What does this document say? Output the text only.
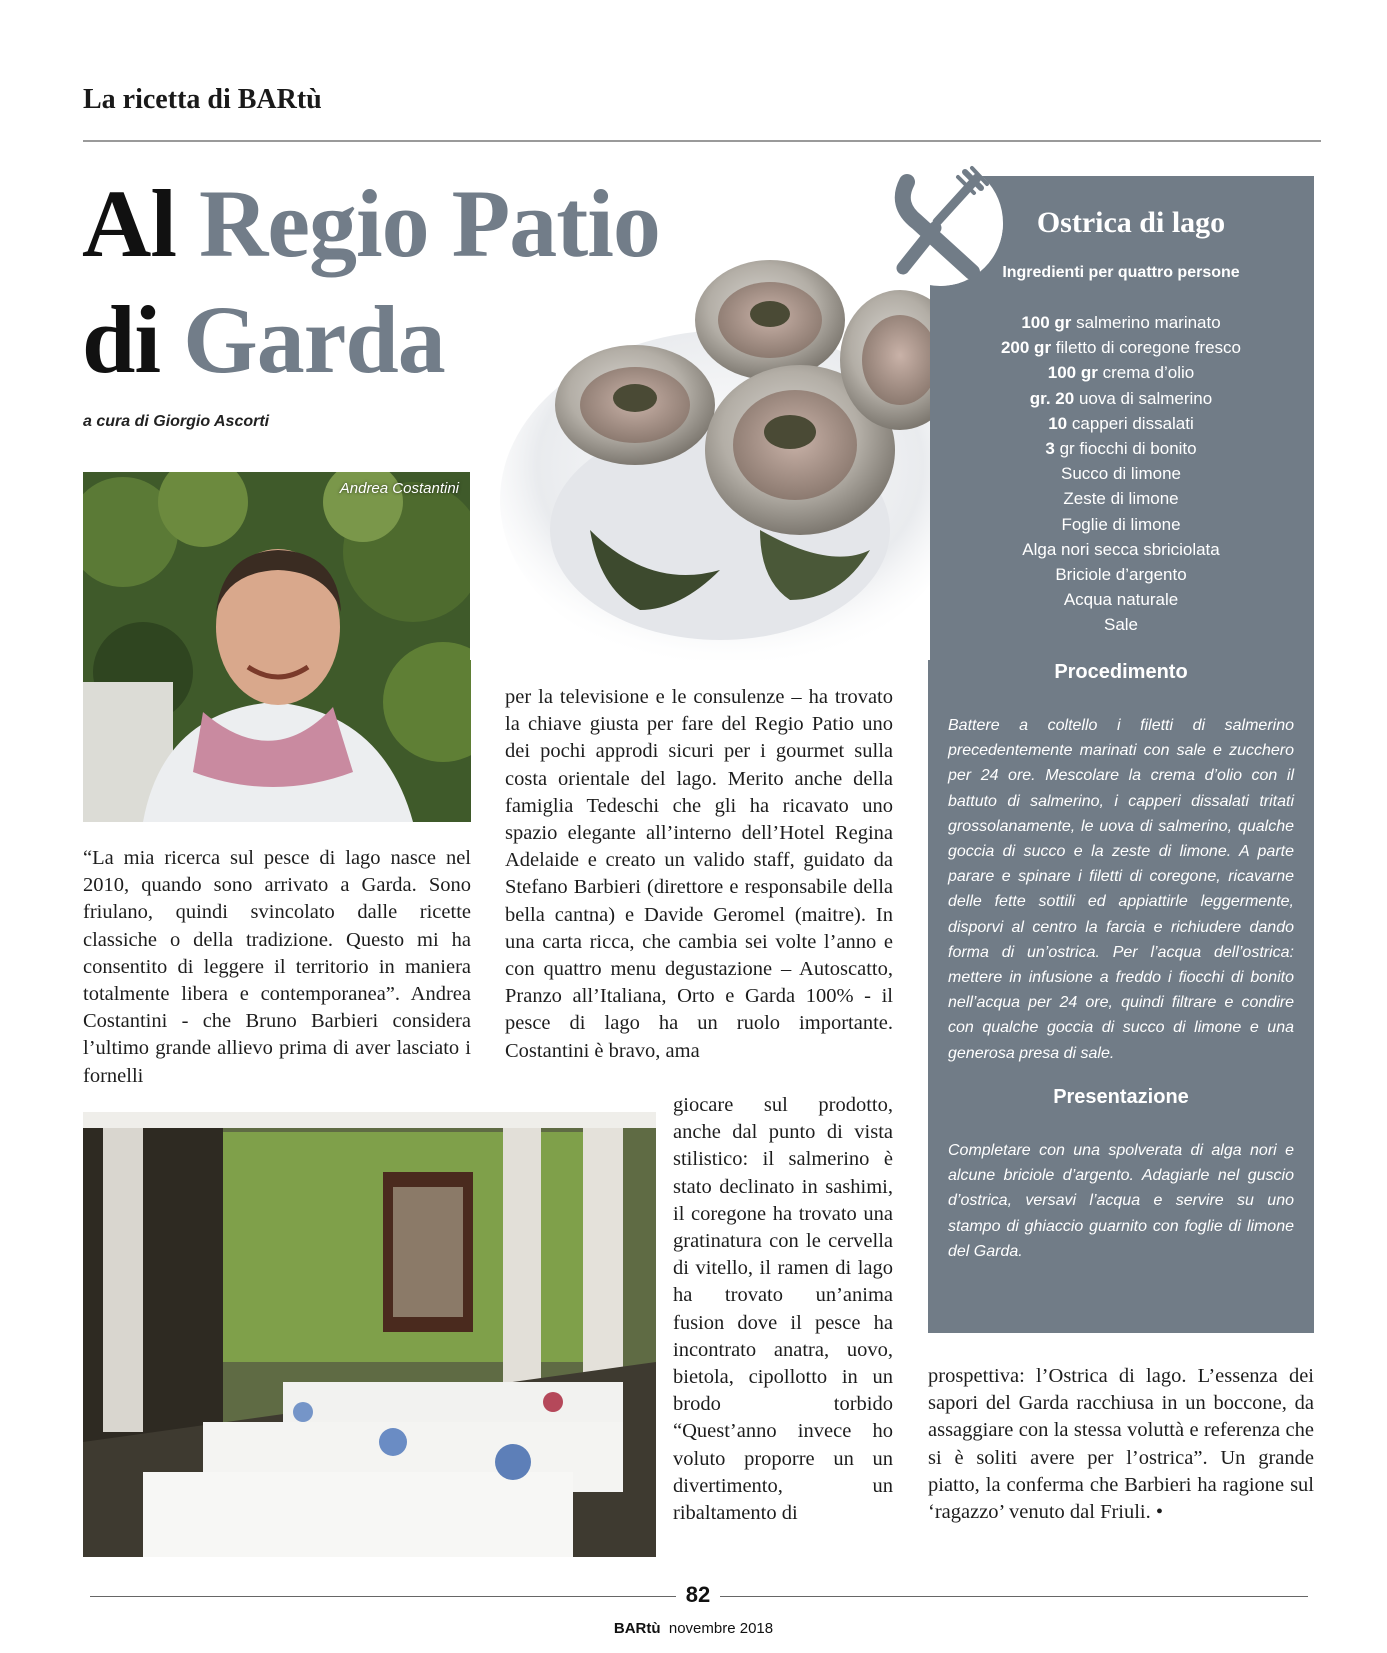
La ricetta di BARtù
Al Regio Patio
di Garda
a cura di Giorgio Ascorti
Andrea Costantini
“La mia ricerca sul pesce di lago nasce nel 2010, quando sono arrivato a Garda. Sono friulano, quindi svincolato dalle ricette classiche o della tradizione. Questo mi ha consentito di leggere il territorio in maniera totalmente libera e contemporanea”. Andrea Costantini - che Bruno Barbieri considera l’ultimo grande allievo prima di aver lasciato i fornelli
per la televisione e le consulenze – ha trovato la chiave giusta per fare del Regio Patio uno dei pochi approdi sicuri per i gourmet sulla costa orientale del lago. Merito anche della famiglia Tedeschi che gli ha ricavato uno spazio elegante all’interno dell’Hotel Regina Adelaide e creato un valido staff, guidato da Stefano Barbieri (direttore e responsabile della bella cantna) e Davide Geromel (maitre). In una carta ricca, che cambia sei volte l’anno e con quattro menu degustazione – Autoscatto, Pranzo all’Italiana, Orto e Garda 100% - il pesce di lago ha un ruolo importante. Costantini è bravo, ama
giocare sul prodotto, anche dal punto di vista stilistico: il salmerino è stato declinato in sashimi, il coregone ha trovato una gratinatura con le cervella di vitello, il ramen di lago ha trovato un’anima fusion dove il pesce ha incontrato anatra, uovo, bietola, cipollotto in un brodo torbido “Quest’anno invece ho voluto proporre un un divertimento, un ribaltamento di
prospettiva: l’Ostrica di lago. L’essenza dei sapori del Garda racchiusa in un boccone, da assaggiare con la stessa voluttà e referenza che si è soliti avere per l’ostrica”. Un grande piatto, la conferma che Barbieri ha ragione sul ‘ragazzo’ venuto dal Friuli. •
Ostrica di lago
Ingredienti per quattro persone
100 gr salmerino marinato
200 gr filetto di coregone fresco
100 gr crema d’olio
gr. 20 uova di salmerino
10 capperi dissalati
3 gr fiocchi di bonito
Succo di limone
Zeste di limone
Foglie di limone
Alga nori secca sbriciolata
Briciole d’argento
Acqua naturale
Sale
Procedimento
Battere a coltello i filetti di salmerino precedentemente marinati con sale e zucchero per 24 ore. Mescolare la crema d’olio con il battuto di salmerino, i capperi dissalati tritati grossolanamente, le uova di salmerino, qualche goccia di succo e la zeste di limone. A parte parare e spinare i filetti di coregone, ricavarne delle fette sottili ed appiattirle leggermente, disporvi al centro la farcia e richiudere dando forma di un’ostrica. Per l’acqua dell’ostrica: mettere in infusione a freddo i fiocchi di bonito nell’acqua per 24 ore, quindi filtrare e condire con qualche goccia di succo di limone e una generosa presa di sale.
Presentazione
Completare con una spolverata di alga nori e alcune briciole d’argento. Adagiarle nel guscio d’ostrica, versavi l’acqua e servire su uno stampo di ghiaccio guarnito con foglie di limone del Garda.
82
BARtù novembre 2018
